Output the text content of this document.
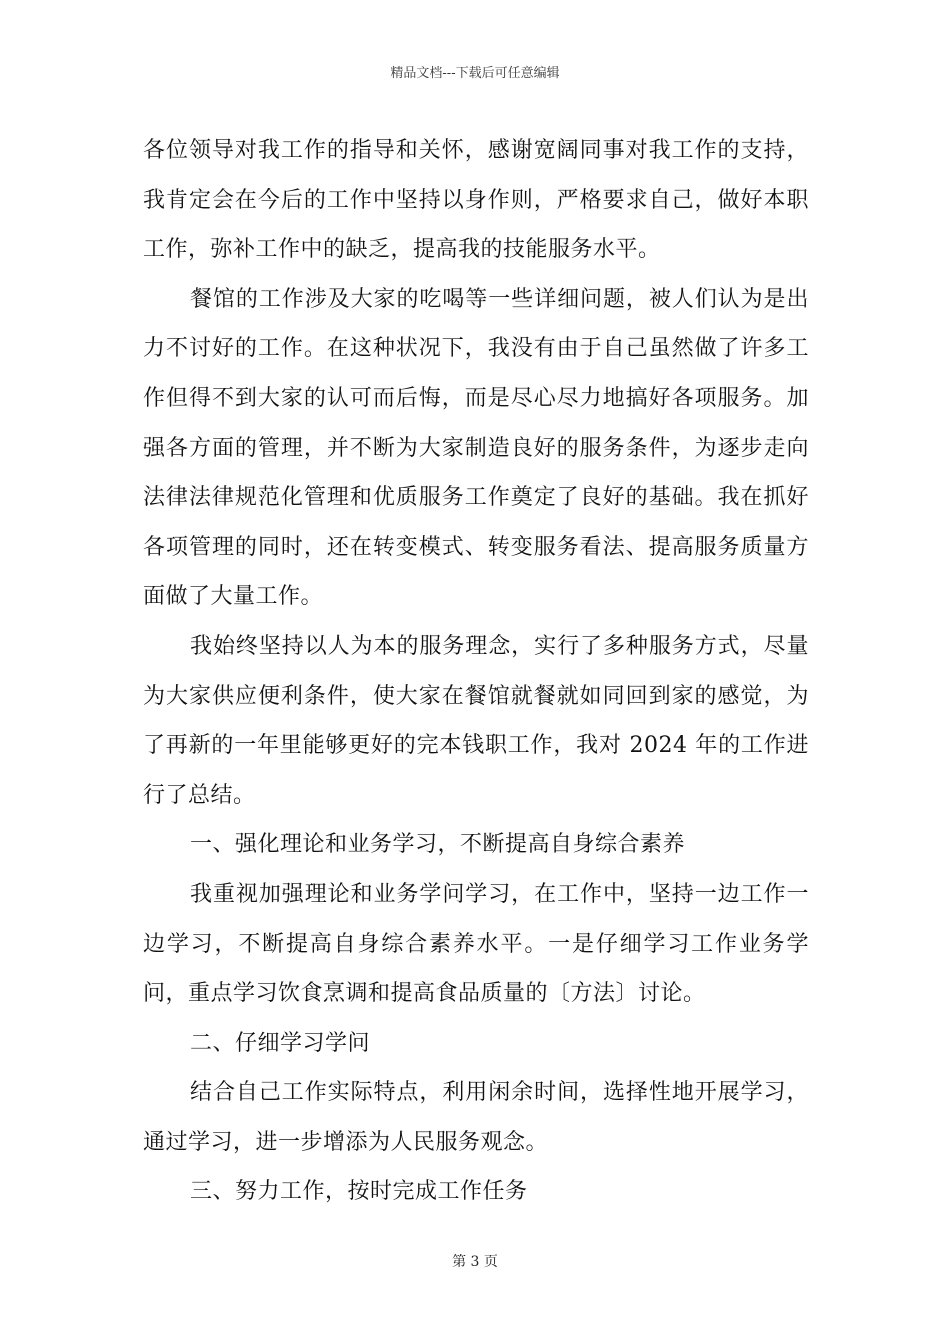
精品文档---下载后可任意编辑

各位领导对我工作的指导和关怀，感谢宽阔同事对我工作的支持，我肯定会在今后的工作中坚持以身作则，严格要求自己，做好本职工作，弥补工作中的缺乏，提高我的技能服务水平。

餐馆的工作涉及大家的吃喝等一些详细问题，被人们认为是出力不讨好的工作。在这种状况下，我没有由于自己虽然做了许多工作但得不到大家的认可而后悔，而是尽心尽力地搞好各项服务。加强各方面的管理，并不断为大家制造良好的服务条件，为逐步走向法律法律规范化管理和优质服务工作奠定了良好的基础。我在抓好各项管理的同时，还在转变模式、转变服务看法、提高服务质量方面做了大量工作。

我始终坚持以人为本的服务理念，实行了多种服务方式，尽量为大家供应便利条件，使大家在餐馆就餐就如同回到家的感觉，为了再新的一年里能够更好的完本钱职工作，我对 2024 年的工作进行了总结。

一、强化理论和业务学习，不断提高自身综合素养

我重视加强理论和业务学问学习，在工作中，坚持一边工作一边学习，不断提高自身综合素养水平。一是仔细学习工作业务学问，重点学习饮食烹调和提高食品质量的〔方法〕讨论。

二、仔细学习学问

结合自己工作实际特点，利用闲余时间，选择性地开展学习，通过学习，进一步增添为人民服务观念。

三、努力工作，按时完成工作任务

第 3 页
